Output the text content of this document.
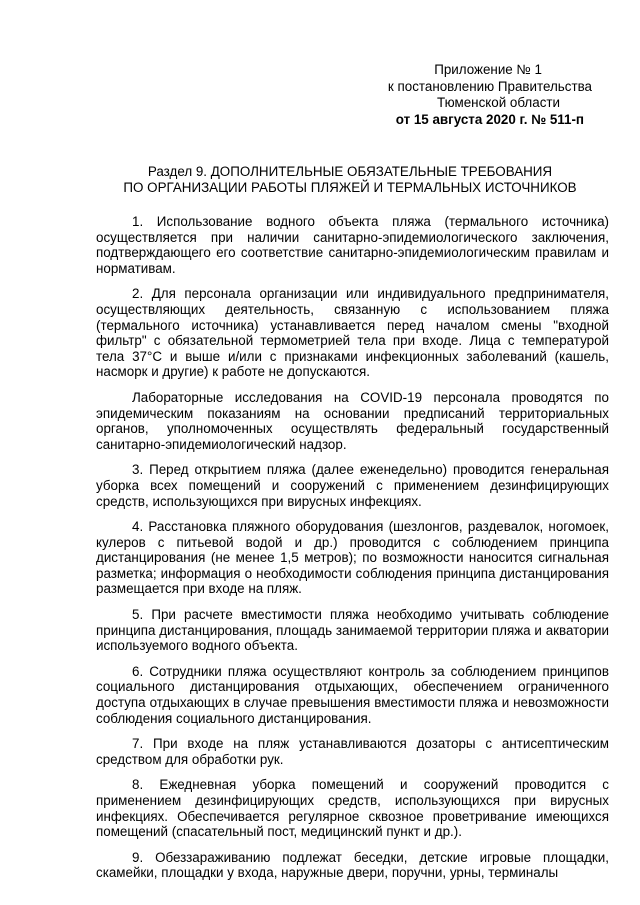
Приложение № 1
к постановлению Правительства
Тюменской области
от 15 августа 2020 г. № 511-п
Раздел 9. ДОПОЛНИТЕЛЬНЫЕ ОБЯЗАТЕЛЬНЫЕ ТРЕБОВАНИЯ
ПО ОРГАНИЗАЦИИ РАБОТЫ ПЛЯЖЕЙ И ТЕРМАЛЬНЫХ ИСТОЧНИКОВ

1. Использование водного объекта пляжа (термального источника) осуществляется при наличии санитарно-эпидемиологического заключения, подтверждающего его соответствие санитарно-эпидемиологическим правилам и нормативам.

2. Для персонала организации или индивидуального предпринимателя, осуществляющих деятельность, связанную с использованием пляжа (термального источника) устанавливается перед началом смены "входной фильтр" с обязательной термометрией тела при входе. Лица с температурой тела 37°С и выше и/или с признаками инфекционных заболеваний (кашель, насморк и другие) к работе не допускаются.

Лабораторные исследования на COVID-19 персонала проводятся по эпидемическим показаниям на основании предписаний территориальных органов, уполномоченных осуществлять федеральный государственный санитарно-эпидемиологический надзор.

3. Перед открытием пляжа (далее еженедельно) проводится генеральная уборка всех помещений и сооружений с применением дезинфицирующих средств, использующихся при вирусных инфекциях.

4. Расстановка пляжного оборудования (шезлонгов, раздевалок, ногомоек, кулеров с питьевой водой и др.) проводится с соблюдением принципа дистанцирования (не менее 1,5 метров); по возможности наносится сигнальная разметка; информация о необходимости соблюдения принципа дистанцирования размещается при входе на пляж.

5. При расчете вместимости пляжа необходимо учитывать соблюдение принципа дистанцирования, площадь занимаемой территории пляжа и акватории используемого водного объекта.

6. Сотрудники пляжа осуществляют контроль за соблюдением принципов социального дистанцирования отдыхающих, обеспечением ограниченного доступа отдыхающих в случае превышения вместимости пляжа и невозможности соблюдения социального дистанцирования.

7. При входе на пляж устанавливаются дозаторы с антисептическим средством для обработки рук.

8. Ежедневная уборка помещений и сооружений проводится с применением дезинфицирующих средств, использующихся при вирусных инфекциях. Обеспечивается регулярное сквозное проветривание имеющихся помещений (спасательный пост, медицинский пункт и др.).

9. Обеззараживанию подлежат беседки, детские игровые площадки, скамейки, площадки у входа, наружные двери, поручни, урны, терминалы
